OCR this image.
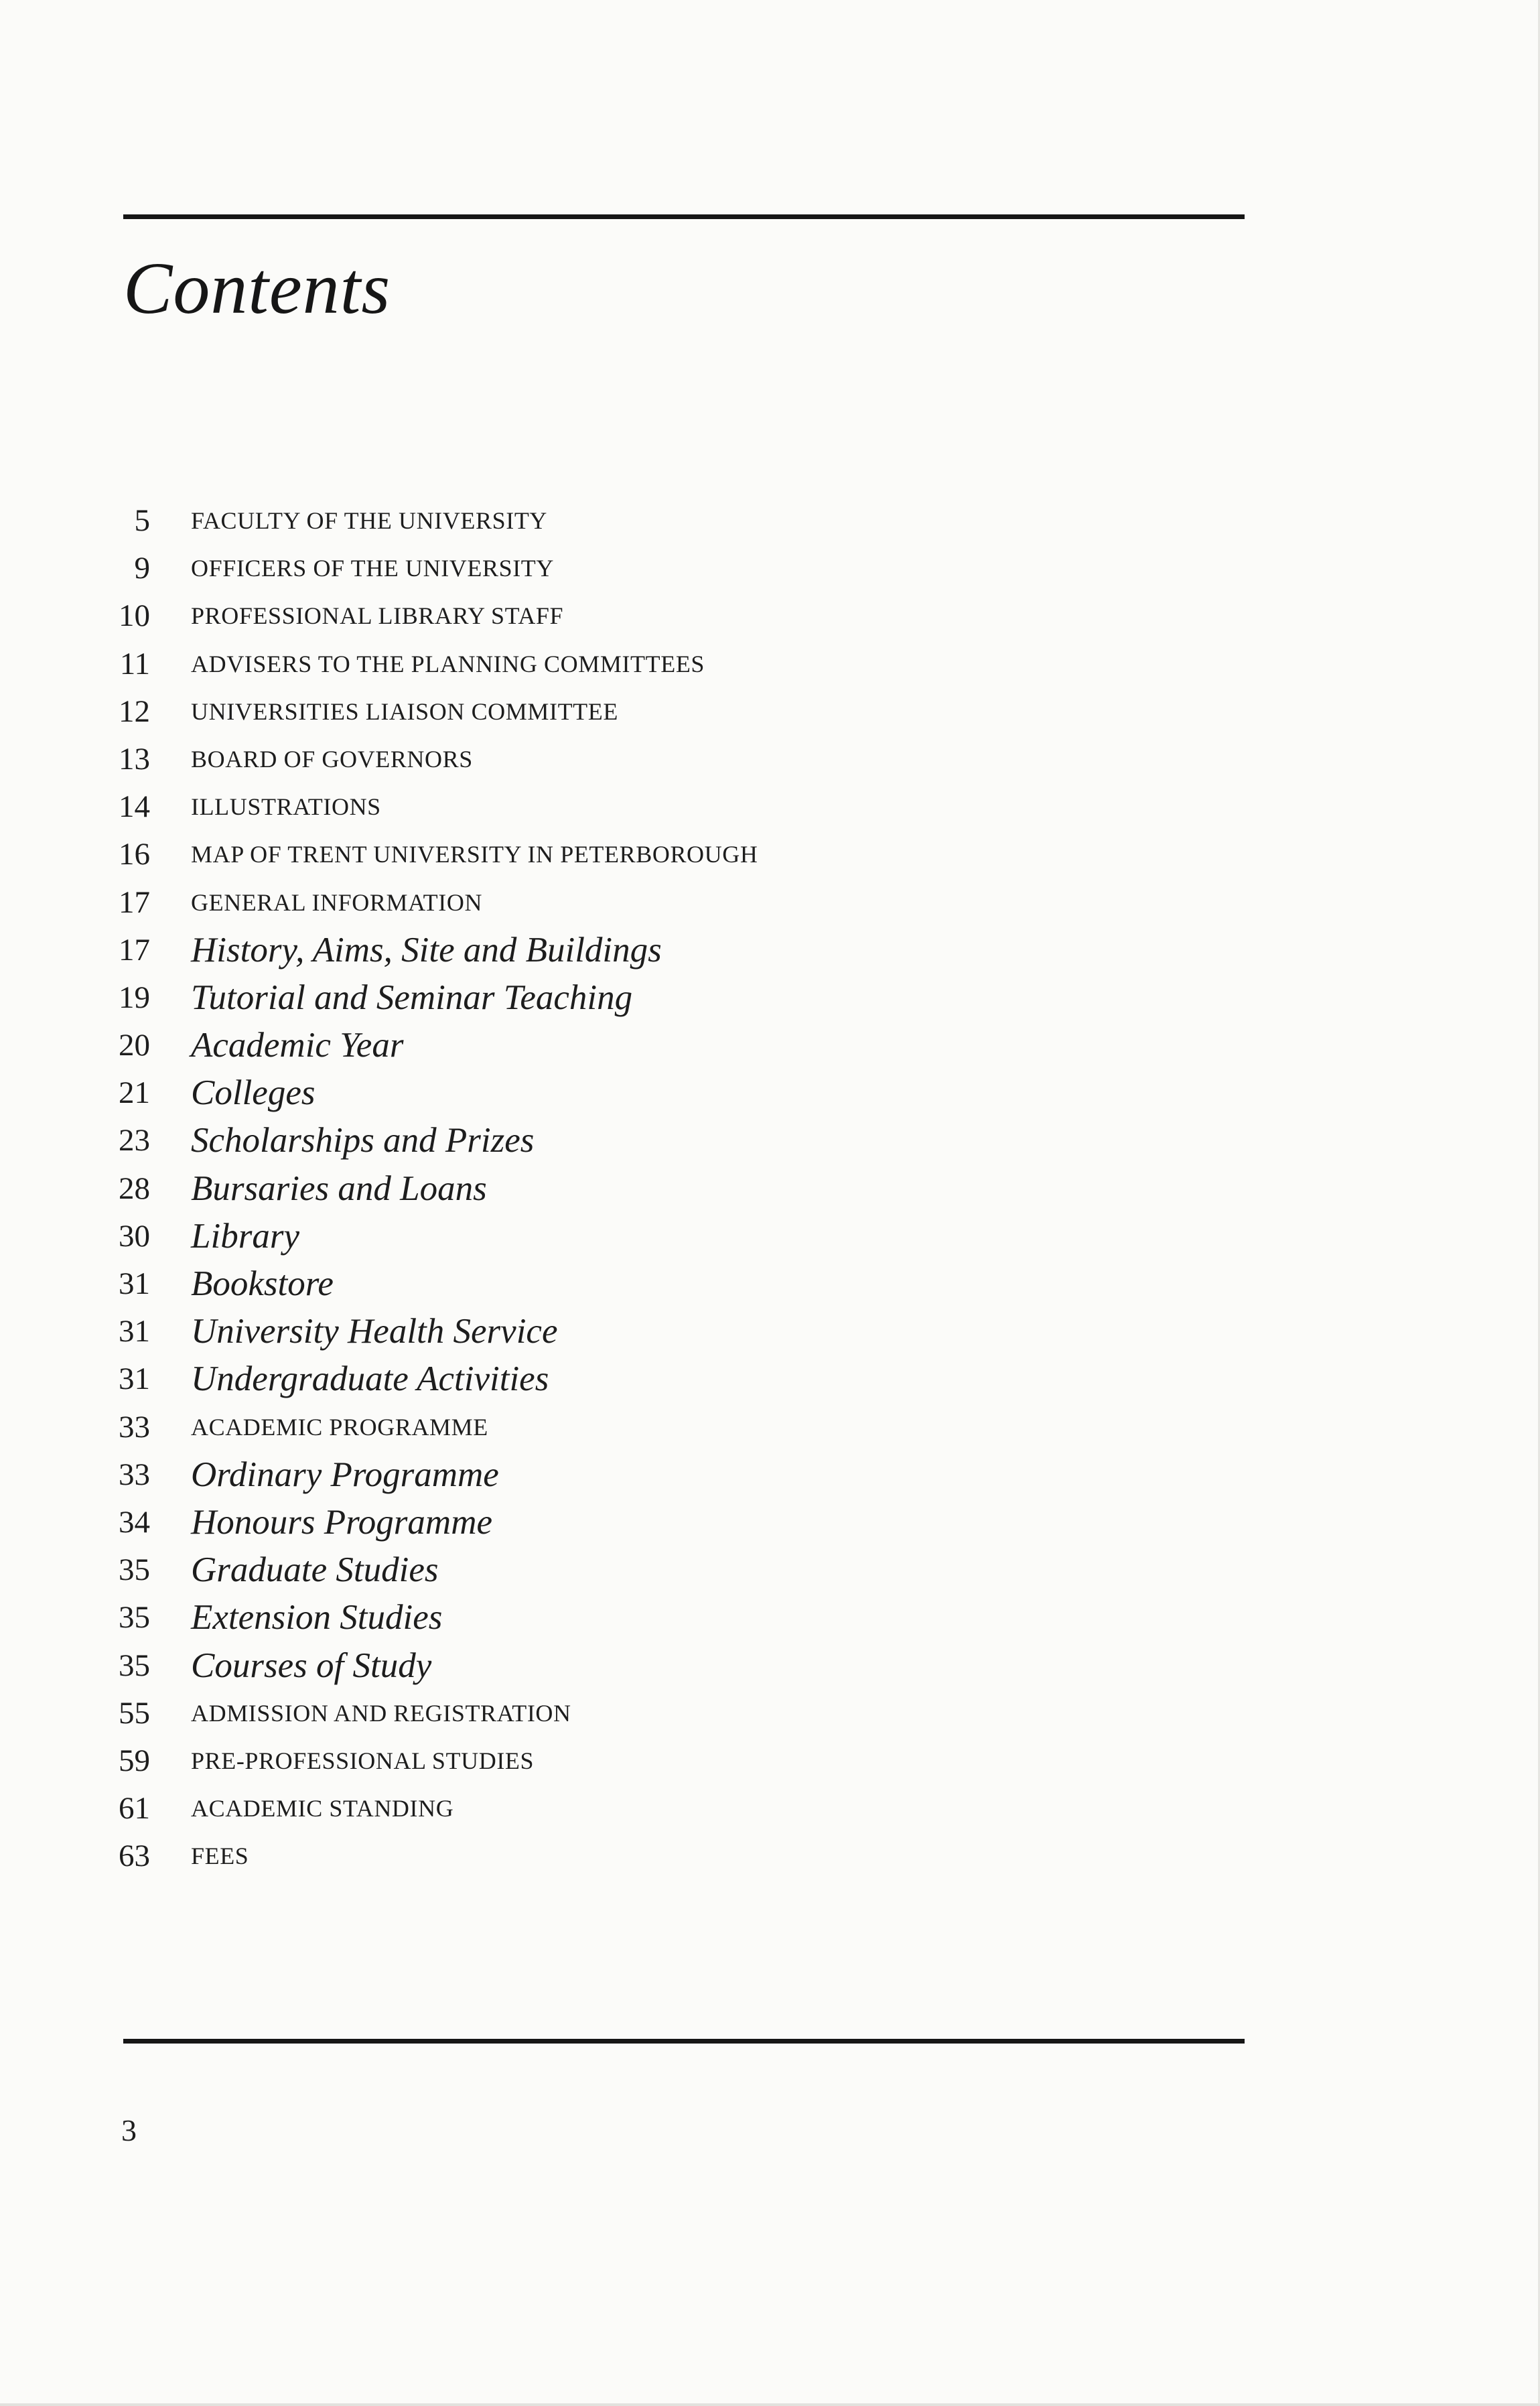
Contents
5 FACULTY OF THE UNIVERSITY
9 OFFICERS OF THE UNIVERSITY
10 PROFESSIONAL LIBRARY STAFF
11 ADVISERS TO THE PLANNING COMMITTEES
12 UNIVERSITIES LIAISON COMMITTEE
13 BOARD OF GOVERNORS
14 ILLUSTRATIONS
16 MAP OF TRENT UNIVERSITY IN PETERBOROUGH
17 GENERAL INFORMATION
17 History, Aims, Site and Buildings
19 Tutorial and Seminar Teaching
20 Academic Year
21 Colleges
23 Scholarships and Prizes
28 Bursaries and Loans
30 Library
31 Bookstore
31 University Health Service
31 Undergraduate Activities
33 ACADEMIC PROGRAMME
33 Ordinary Programme
34 Honours Programme
35 Graduate Studies
35 Extension Studies
35 Courses of Study
55 ADMISSION AND REGISTRATION
59 PRE-PROFESSIONAL STUDIES
61 ACADEMIC STANDING
63 FEES
3
